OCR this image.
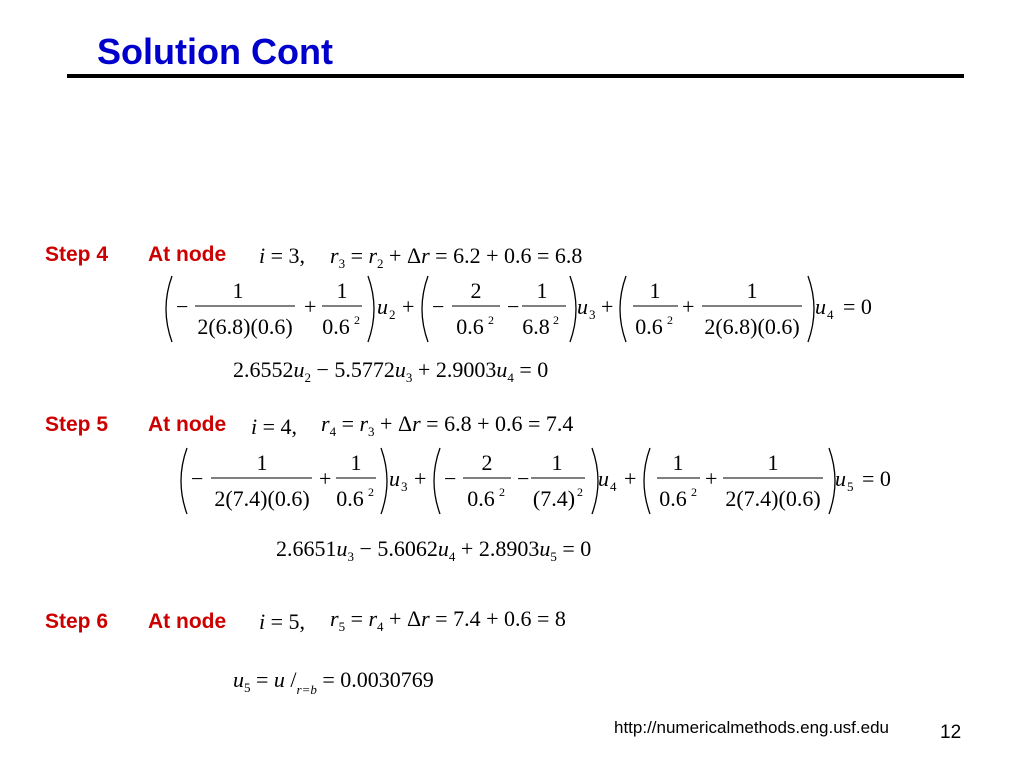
Solution Cont
Step 4 At node
Step 5 At node
Step 6 At node
i = 3, $r_3 = r_2 + \Delta r = 6.2 + 0.6 = 6.8$
−
1
2(6.8)(0.6)
+
1
0.6 2
u 2 + −
2
0.6 2
−
1
6.8 2
u 3 +
1
0.6 2
+
1
2(6.8)(0.6)
u 4 = 0
$2.6552u_2 - 5.5772u_3 + 2.9003u_4 = 0$
i = 4, $r_4 = r_3 + \Delta r = 6.8 + 0.6 = 7.4$
−
1
2(7.4)(0.6)
+
1
0.6 2
u 3 + −
2
0.6 2
−
1
(7.4) 2
u 4 +
1
0.6 2
+
1
2(7.4)(0.6)
u 5 = 0
$2.6651u_3 - 5.6062u_4 + 2.8903u_5 = 0$
i = 5, $r_5 = r_4 + \Delta r = 7.4 + 0.6 = 8$
$u_5 = u$ $/_{r=b} = 0.0030769$
http://numericalmethods.eng.usf.edu	12
